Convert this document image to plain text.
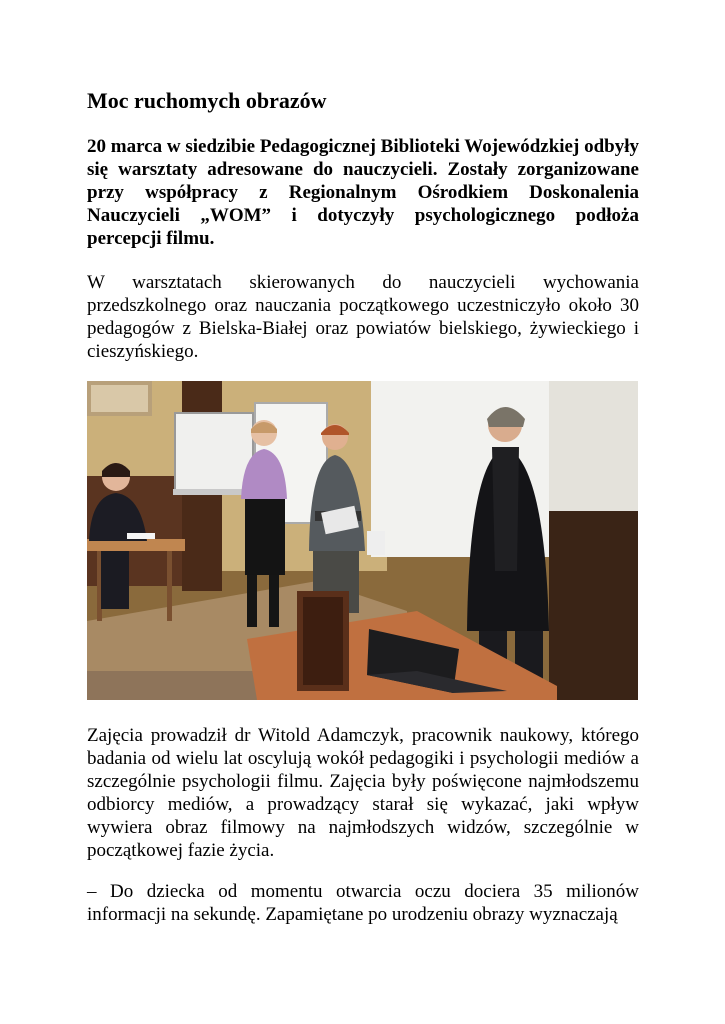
Moc ruchomych obrazów

20 marca w siedzibie Pedagogicznej Biblioteki Wojewódzkiej odbyły się warsztaty adresowane do nauczycieli. Zostały zorganizowane przy współpracy z Regionalnym Ośrodkiem Doskonalenia Nauczycieli „WOM” i dotyczyły psychologicznego podłoża percepcji filmu.

W warsztatach skierowanych do nauczycieli wychowania przedszkolnego oraz nauczania początkowego uczestniczyło około 30 pedagogów z Bielska-Białej oraz powiatów bielskiego, żywieckiego i cieszyńskiego.

Zajęcia prowadził dr Witold Adamczyk, pracownik naukowy, którego badania od wielu lat oscylują wokół pedagogiki i psychologii mediów a szczególnie psychologii filmu. Zajęcia były poświęcone najmłodszemu odbiorcy mediów, a prowadzący starał się wykazać, jaki wpływ wywiera obraz filmowy na najmłodszych widzów, szczególnie w początkowej fazie życia.

– Do dziecka od momentu otwarcia oczu dociera 35 milionów informacji na sekundę. Zapamiętane po urodzeniu obrazy wyznaczają
